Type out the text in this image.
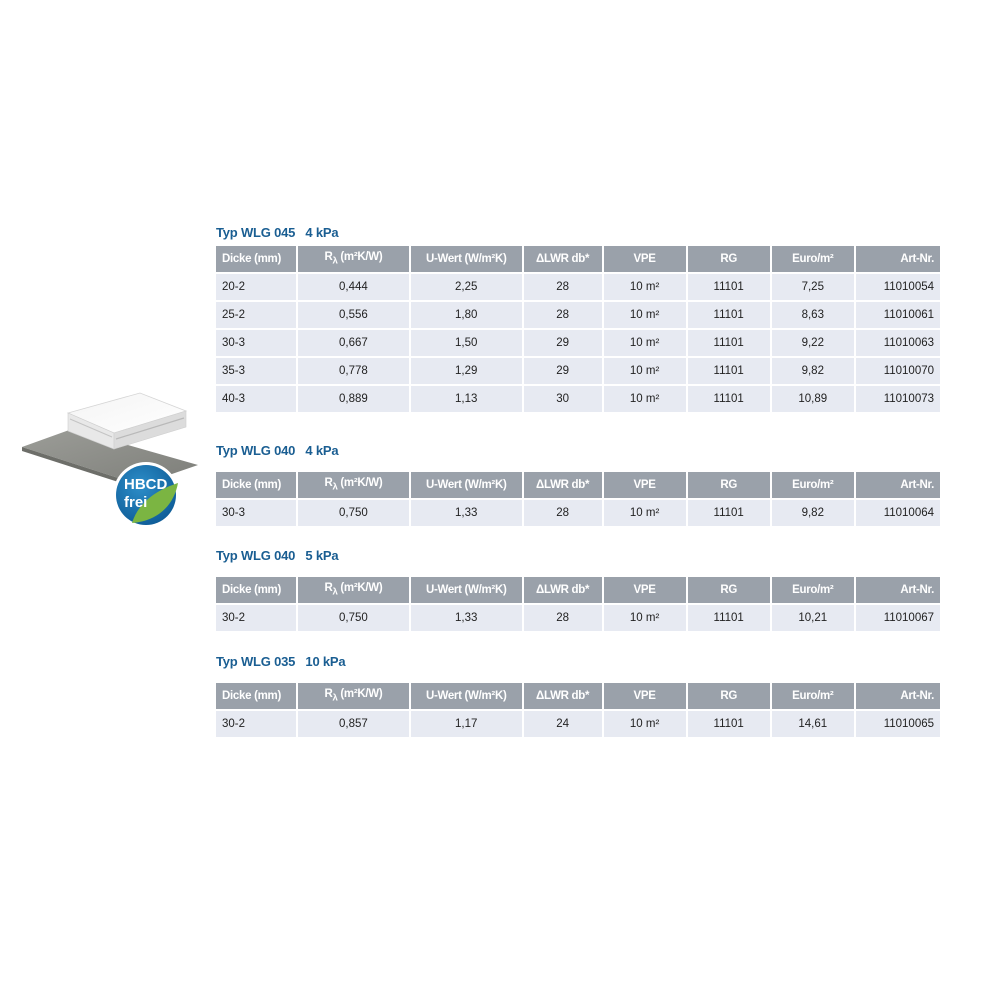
HBCD
frei
Typ WLG 045   4 kPa
Dicke (mm)	$R_\lambda$ (m²K/W)	U-Wert (W/m²K)	ΔLWR db*	VPE	RG	Euro/m²	Art-Nr.
20-2	0,444	2,25	28	10 m²	11101	7,25	11010054
25-2	0,556	1,80	28	10 m²	11101	8,63	11010061
30-3	0,667	1,50	29	10 m²	11101	9,22	11010063
35-3	0,778	1,29	29	10 m²	11101	9,82	11010070
40-3	0,889	1,13	30	10 m²	11101	10,89	11010073
Typ WLG 040   4 kPa
Dicke (mm)	$R_\lambda$ (m²K/W)	U-Wert (W/m²K)	ΔLWR db*	VPE	RG	Euro/m²	Art-Nr.
30-3	0,750	1,33	28	10 m²	11101	9,82	11010064
Typ WLG 040   5 kPa
Dicke (mm)	$R_\lambda$ (m²K/W)	U-Wert (W/m²K)	ΔLWR db*	VPE	RG	Euro/m²	Art-Nr.
30-2	0,750	1,33	28	10 m²	11101	10,21	11010067
Typ WLG 035   10 kPa
Dicke (mm)	$R_\lambda$ (m²K/W)	U-Wert (W/m²K)	ΔLWR db*	VPE	RG	Euro/m²	Art-Nr.
30-2	0,857	1,17	24	10 m²	11101	14,61	11010065
